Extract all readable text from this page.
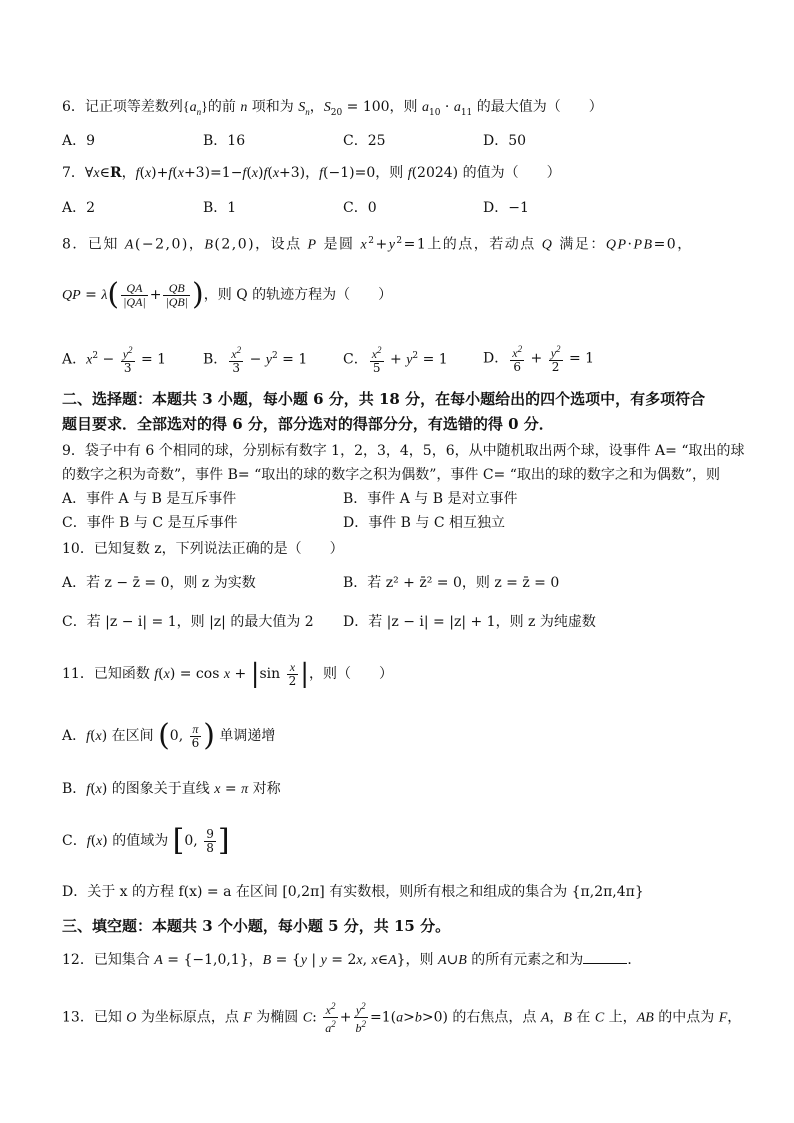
6．记正项等差数列$\{a_n\}$的前 n 项和为 $S_n$，$S_{20} = 100$，则 $a_{10} \cdot a_{11}$ 的最大值为（　　）
A．9	B．16	C．25	D．50
7．∀x∈R，f(x)+f(x+3)=1−f(x)f(x+3)，f(−1)=0，则 f(2024) 的值为（　　）
A．2	B．1	C．0	D．−1
8．已知 A(−2,0)，B(2,0)，设点 P 是圆 $x^2+y^2=1$上的点，若动点 Q 满足：QP·PB=0，
QP = $\lambda( \frac{QA}{|QA|} + \frac{QB}{|QB|}$ )，则 Q 的轨迹方程为（　　）
A．$x^2 - \frac{y^2}{3} = 1$	B． $\frac{x^2}{3} - y^2 = 1$	C． $\frac{x^2}{5} + y^2 = 1$	D． $\frac{x^2}{6} + \frac{y^2}{2} = 1$
二、选择题：本题共 3 小题，每小题 6 分，共 18 分，在每小题给出的四个选项中，有多项符合
题目要求．全部选对的得 6 分，部分选对的得部分分，有选错的得 0 分．
9．袋子中有 6 个相同的球，分别标有数字 1，2，3，4，5，6，从中随机取出两个球，设事件 A= “取出的球
的数字之积为奇数”，事件 B= “取出的球的数字之积为偶数”，事件 C= “取出的球的数字之和为偶数”，则
A．事件 A 与 B 是互斥事件	B．事件 A 与 B 是对立事件
C．事件 B 与 C 是互斥事件	D．事件 B 与 C 相互独立
10．已知复数 z，下列说法正确的是（　　）
A．若 z − z̄ = 0，则 z 为实数	B．若 z² + z̄² = 0，则 z = z̄ = 0
C．若 |z − i| = 1，则 |z| 的最大值为 2 D．若 |z − i| = |z| + 1，则 z 为纯虚数
11．已知函数 $f(x) = \cos x + |\sin \frac{x}{2}$ |，则（　　）
A．f(x) 在区间 (0, $\frac{\pi}{6}$ ) 单调递增
B．f(x) 的图象关于直线 x = π 对称
C．f(x) 的值域为 [0, $\frac{9}{8}$ ]
D．关于 x 的方程 f(x) = a 在区间 [0,2π] 有实数根，则所有根之和组成的集合为 {π,2π,4π}
三、填空题：本题共 3 个小题，每小题 5 分，共 15 分。
12．已知集合 A = {−1,0,1}，B = {y | y = 2x, x∈A}，则 A∪B 的所有元素之和为	．
13．已知 O 为坐标原点，点 F 为椭圆 C: $\frac{x^2}{a^2} + \frac{y^2}{b^2} =1(a>b>0)$ 的右焦点，点 A，B 在 C 上，AB 的中点为 F，
